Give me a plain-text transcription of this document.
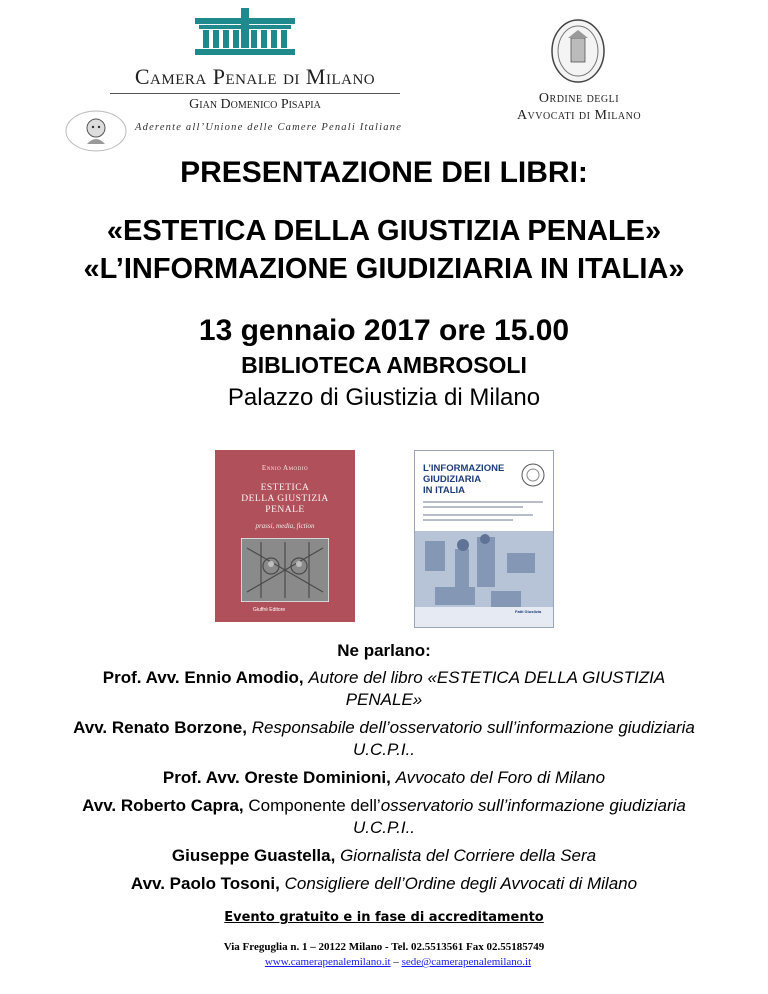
Camera Penale di Milano
Gian Domenico Pisapia
Aderente all’Unione delle Camere Penali Italiane
Ordine degli
Avvocati di Milano
PRESENTAZIONE DEI LIBRI:
«ESTETICA DELLA GIUSTIZIA PENALE»
«L’INFORMAZIONE GIUDIZIARIA IN ITALIA»
13 gennaio 2017 ore 15.00
BIBLIOTECA AMBROSOLI
Palazzo di Giustizia di Milano
Ennio Amodio
ESTETICA
DELLA GIUSTIZIA
PENALE
prassi, media, fiction
Giuffrè Editore
L’INFORMAZIONE
GIUDIZIARIA
IN ITALIA
Fatti Giustizia
Ne parlano:
Prof. Avv. Ennio Amodio, Autore del libro «ESTETICA DELLA GIUSTIZIA
PENALE»
Avv. Renato Borzone, Responsabile dell’osservatorio sull’informazione giudiziaria
U.C.P.I..
Prof. Avv. Oreste Dominioni, Avvocato del Foro di Milano
Avv. Roberto Capra, Componente dell’osservatorio sull’informazione giudiziaria
U.C.P.I..
Giuseppe Guastella, Giornalista del Corriere della Sera
Avv. Paolo Tosoni, Consigliere dell’Ordine degli Avvocati di Milano
Evento gratuito e in fase di accreditamento
Via Freguglia n. 1 – 20122 Milano - Tel. 02.5513561 Fax 02.55185749
www.camerapenalemilano.it – sede@camerapenalemilano.it
